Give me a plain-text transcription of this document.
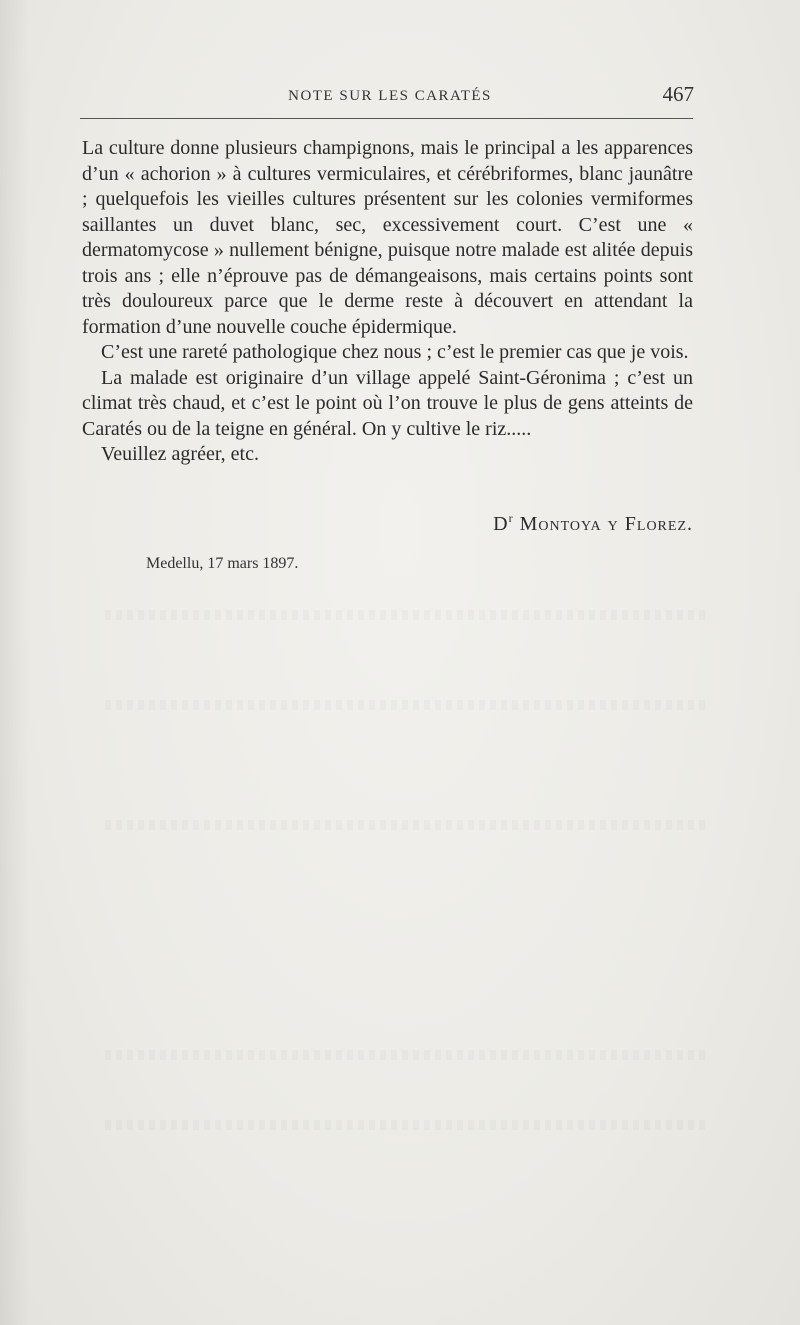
NOTE SUR LES CARATÉS	467

La culture donne plusieurs champignons, mais le principal a les apparences d’un « achorion » à cultures vermiculaires, et cérébriformes, blanc jaunâtre ; quelquefois les vieilles cultures présentent sur les colonies vermiformes saillantes un duvet blanc, sec, excessivement court. C’est une « dermatomycose » nullement bénigne, puisque notre malade est alitée depuis trois ans ; elle n’éprouve pas de démangeaisons, mais certains points sont très douloureux parce que le derme reste à découvert en attendant la formation d’une nouvelle couche épidermique.

C’est une rareté pathologique chez nous ; c’est le premier cas que je vois.

La malade est originaire d’un village appelé Saint-Géronima ; c’est un climat très chaud, et c’est le point où l’on trouve le plus de gens atteints de Caratés ou de la teigne en général. On y cultive le riz.....

Veuillez agréer, etc.

$D^r$ Montoya y Florez.
Medellu, 17 mars 1897.
